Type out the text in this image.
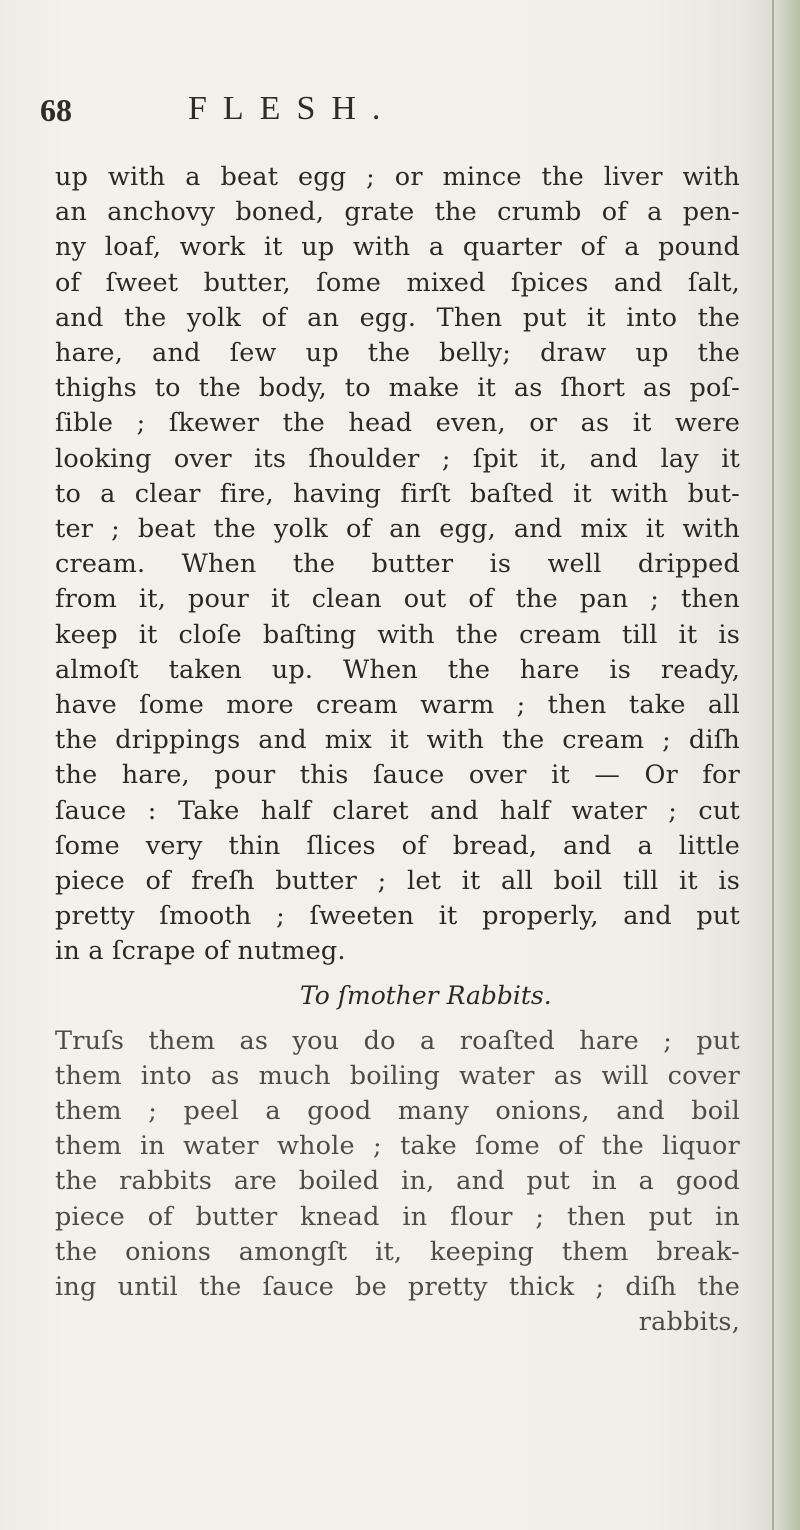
68	FLESH.
up with a beat egg ; or mince the liver with
an anchovy boned, grate the crumb of a pen-
ny loaf, work it up with a quarter of a pound
of ſweet butter, ſome mixed ſpices and ſalt,
and the yolk of an egg. Then put it into the
hare, and ſew up the belly; draw up the
thighs to the body, to make it as ſhort as poſ-
ſible ; ſkewer the head even, or as it were
looking over its ſhoulder ; ſpit it, and lay it
to a clear fire, having firſt baſted it with but-
ter ; beat the yolk of an egg, and mix it with
cream. When the butter is well dripped
from it, pour it clean out of the pan ; then
keep it cloſe baſting with the cream till it is
almoſt taken up. When the hare is ready,
have ſome more cream warm ; then take all
the drippings and mix it with the cream ; diſh
the hare, pour this ſauce over it — Or for
ſauce : Take half claret and half water ; cut
ſome very thin ſlices of bread, and a little
piece of freſh butter ; let it all boil till it is
pretty ſmooth ; ſweeten it properly, and put
in a ſcrape of nutmeg.
To ſmother Rabbits.
Truſs them as you do a roaſted hare ; put
them into as much boiling water as will cover
them ; peel a good many onions, and boil
them in water whole ; take ſome of the liquor
the rabbits are boiled in, and put in a good
piece of butter knead in flour ; then put in
the onions amongſt it, keeping them break-
ing until the ſauce be pretty thick ; diſh the
rabbits,
